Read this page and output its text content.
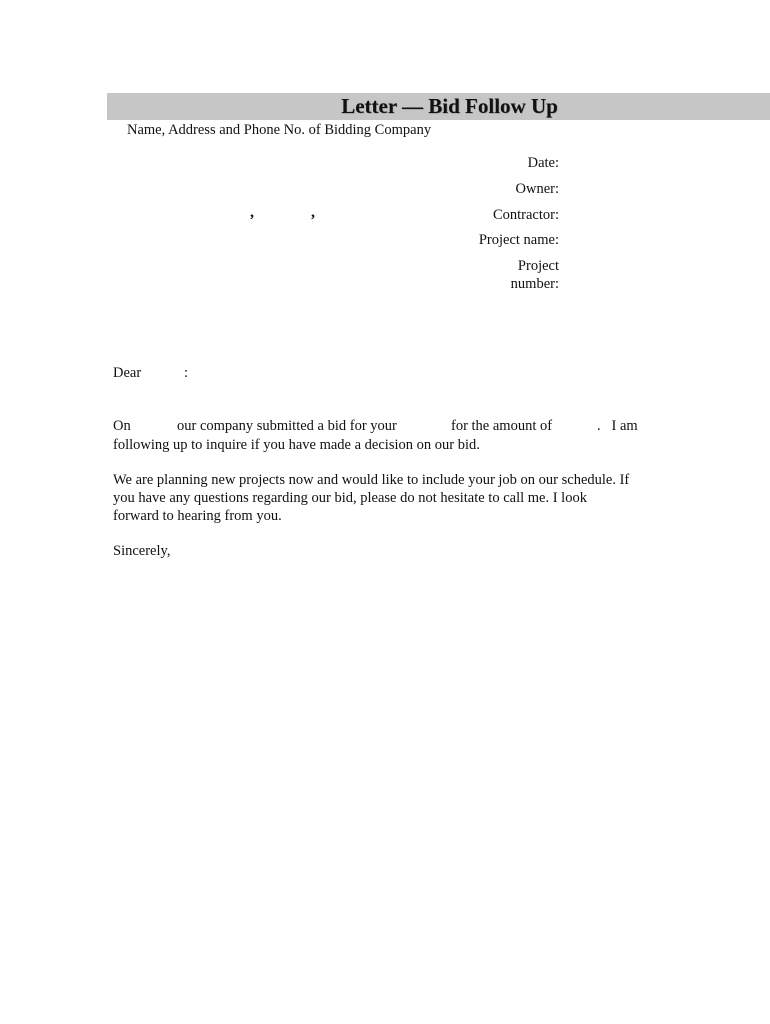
Letter — Bid Follow Up
Name, Address and Phone No. of Bidding Company
Date:
Owner:
Contractor:
Project name:
Project
number:
,	,
Dear	:
On	our company submitted a bid for your	for the amount of	.   I am
following up to inquire if you have made a decision on our bid.
We are planning new projects now and would like to include your job on our schedule. If
you have any questions regarding our bid, please do not hesitate to call me. I look
forward to hearing from you.
Sincerely,
